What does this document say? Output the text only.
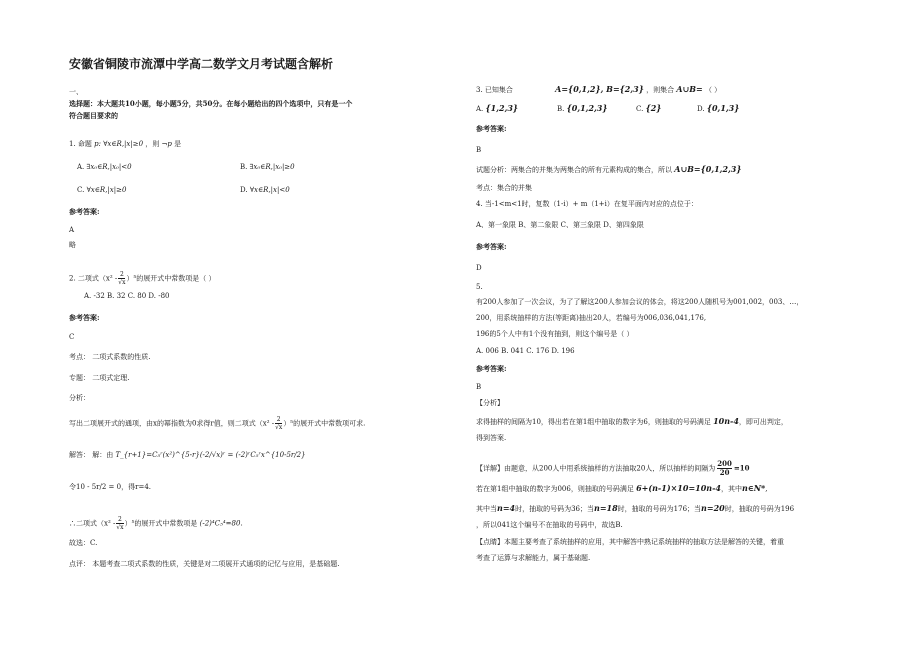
安徽省铜陵市流潭中学高二数学文月考试题含解析
一、
选择题：本大题共10小题，每小题5分，共50分。在每小题给出的四个选项中，只有是一个
符合题目要求的
1. 命题 p: ∀x∈R,|x|≥0 ，则 ¬p 是
A. ∃x₀∈R,|x₀|<0	B. ∃x₀∈R,|x₀|≥0
C. ∀x∈R,|x|≥0	D. ∀x∈R,|x|<0
参考答案:
A
略
2. 二项式$(x^2 - \frac{2}{√x} )^5$的展开式中常数项是（ ）
A. -32 B. 32 C. 80 D. -80
参考答案:
C
考点： 二项式系数的性质.
专题： 二项式定理.
分析：
写出二项展开式的通项，由x的幂指数为0求得r值，则二项式$(x^2 - \frac{2}{√x} )^5$的展开式中常数项可求.
解答： 解：由 T_{r+1}=C₅ʳ(x²)^{5-r}(-2/√x)ʳ = (-2)ʳC₅ʳx^{10-5r/2}
令10 - 5r/2 = 0，得r=4.
∴二项式$(x^2 - \frac{2}{√x} )^5$的展开式中常数项是 (-2)⁴C₅⁴=80.
故选：C.
点评： 本题考查二项式系数的性质，关键是对二项展开式通项的记忆与应用，是基础题.
3. 已知集合	A={0,1,2}, B={2,3} ，则集合 A∪B= （ ）
A. {1,2,3}	B. {0,1,2,3}	C. {2}	D. {0,1,3}
参考答案:
B
试题分析：两集合的并集为两集合的所有元素构成的集合，所以 A∪B={0,1,2,3}
考点：集合的并集
4. 当-1<m<1时，复数（1-i）+ m（1+i）在复平面内对应的点位于：
A、第一象限 B、第二象限 C、第三象限 D、第四象限
参考答案:
D
5.
有200人参加了一次会议，为了了解这200人参加会议的体会，将这200人随机号为001,002，003、…，
200，用系统抽样的方法(等距离)抽出20人，若编号为006,036,041,176,
196的5个人中有1个没有抽到，则这个编号是（ ）
A. 006 B. 041 C. 176 D. 196
参考答案:
B
【分析】
求得抽样的间隔为10，得出若在第1组中抽取的数字为6，则抽取的号码满足 10n-4，即可出判定，
得到答案.
【详解】由题意，从200人中用系统抽样的方法抽取20人，所以抽样的间隔为 $\frac{200}{20} =10$
若在第1组中抽取的数字为006，则抽取的号码满足 6+(n-1)×10=10n-4，其中n∈N*,
其中当n=4时，抽取的号码为36；当n=18时，抽取的号码为176；当n=20时，抽取的号码为196
，所以041这个编号不在抽取的号码中，故选B.
【点睛】本题主要考查了系统抽样的应用，其中解答中熟记系统抽样的抽取方法是解答的关键，着重
考查了运算与求解能力，属于基础题.
